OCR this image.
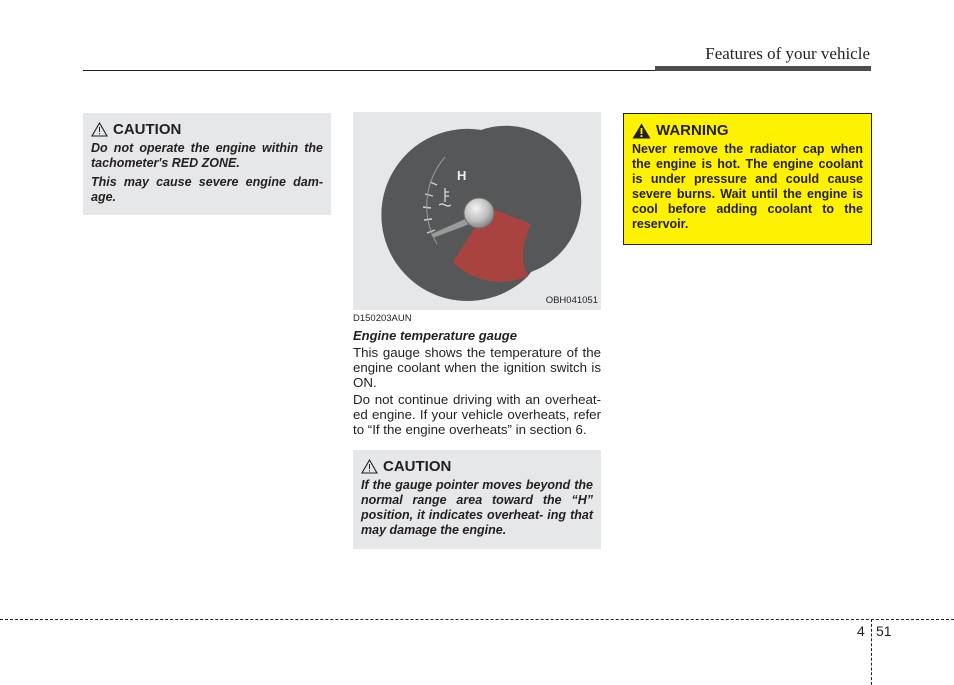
Features of your vehicle
CAUTION

Do not operate the engine within the tachometer's RED ZONE.

This may cause severe engine dam- age.

H
OBH041051
D150203AUN
Engine temperature gauge

This gauge shows the temperature of the engine coolant when the ignition switch is ON.

Do not continue driving with an overheat- ed engine. If your vehicle overheats, refer to “If the engine overheats” in section 6.

CAUTION

If the gauge pointer moves beyond the normal range area toward the “H” position, it indicates overheat- ing that may damage the engine.

WARNING

Never remove the radiator cap when the engine is hot. The engine coolant is under pressure and could cause severe burns. Wait until the engine is cool before adding coolant to the reservoir.

4 51
